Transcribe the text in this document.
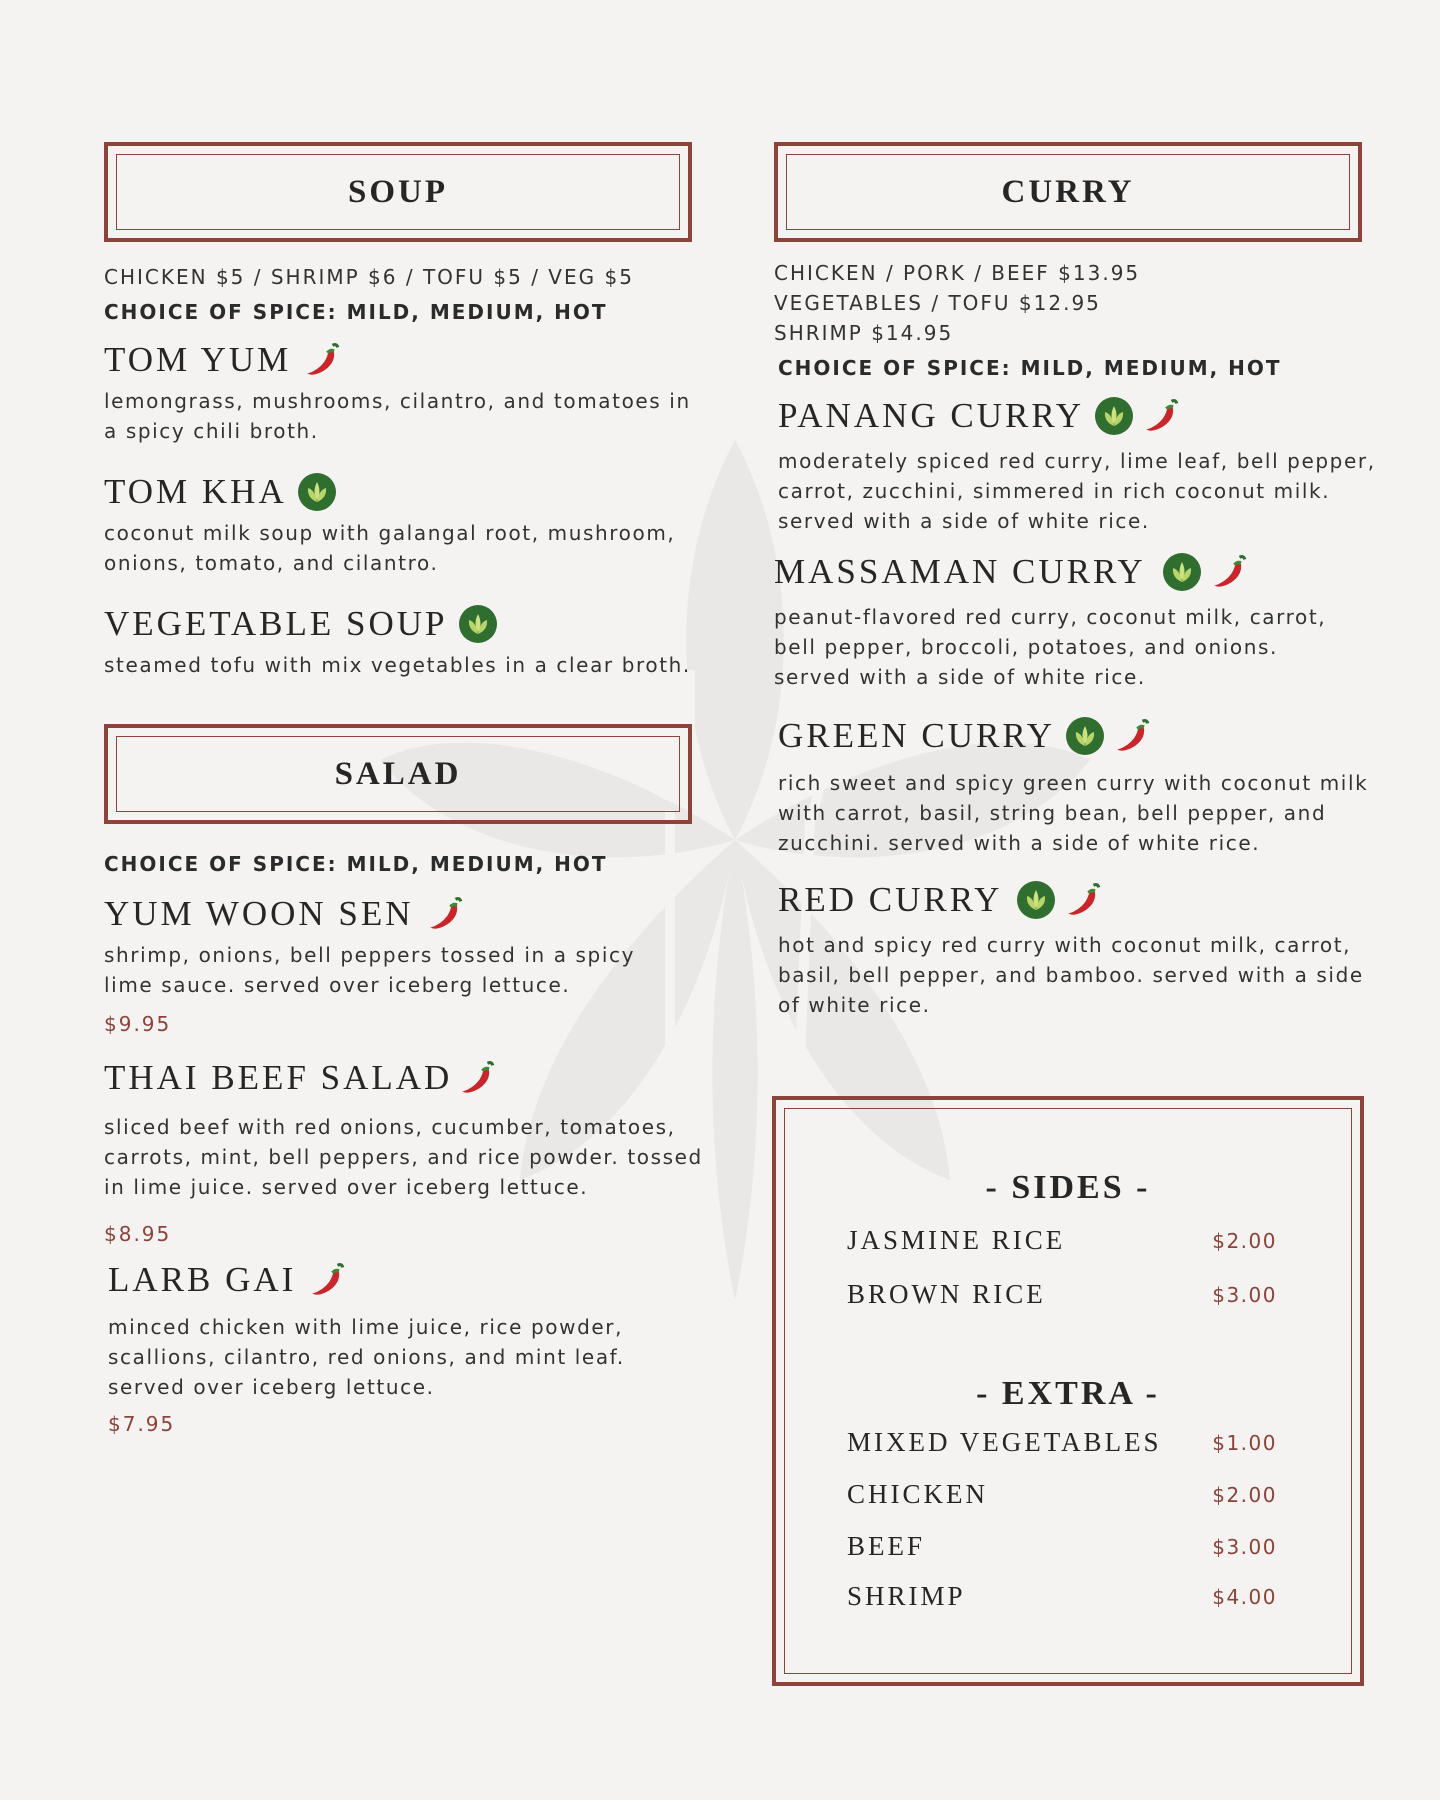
SOUP
CHICKEN $5 / SHRIMP $6 / TOFU $5 / VEG $5
CHOICE OF SPICE: MILD, MEDIUM, HOT
TOM YUM
lemongrass, mushrooms, cilantro, and tomatoes in a spicy chili broth.
TOM KHA
coconut milk soup with galangal root, mushroom, onions, tomato, and cilantro.
VEGETABLE SOUP
steamed tofu with mix vegetables in a clear broth.
SALAD
CHOICE OF SPICE: MILD, MEDIUM, HOT
YUM WOON SEN
shrimp, onions, bell peppers tossed in a spicy lime sauce. served over iceberg lettuce.
$9.95
THAI BEEF SALAD
sliced beef with red onions, cucumber, tomatoes, carrots, mint, bell peppers, and rice powder. tossed in lime juice. served over iceberg lettuce.
$8.95
LARB GAI
minced chicken with lime juice, rice powder, scallions, cilantro, red onions, and mint leaf. served over iceberg lettuce.
$7.95
CURRY
CHICKEN / PORK / BEEF $13.95
VEGETABLES / TOFU $12.95
SHRIMP $14.95
CHOICE OF SPICE: MILD, MEDIUM, HOT
PANANG CURRY
moderately spiced red curry, lime leaf, bell pepper, carrot, zucchini, simmered in rich coconut milk. served with a side of white rice.
MASSAMAN CURRY
peanut-flavored red curry, coconut milk, carrot, bell pepper, broccoli, potatoes, and onions. served with a side of white rice.
GREEN CURRY
rich sweet and spicy green curry with coconut milk with carrot, basil, string bean, bell pepper, and zucchini. served with a side of white rice.
RED CURRY
hot and spicy red curry with coconut milk, carrot, basil, bell pepper, and bamboo. served with a side of white rice.
- SIDES -
JASMINE RICE	$2.00
BROWN RICE	$3.00
- EXTRA -
MIXED VEGETABLES	$1.00
CHICKEN	$2.00
BEEF	$3.00
SHRIMP	$4.00
